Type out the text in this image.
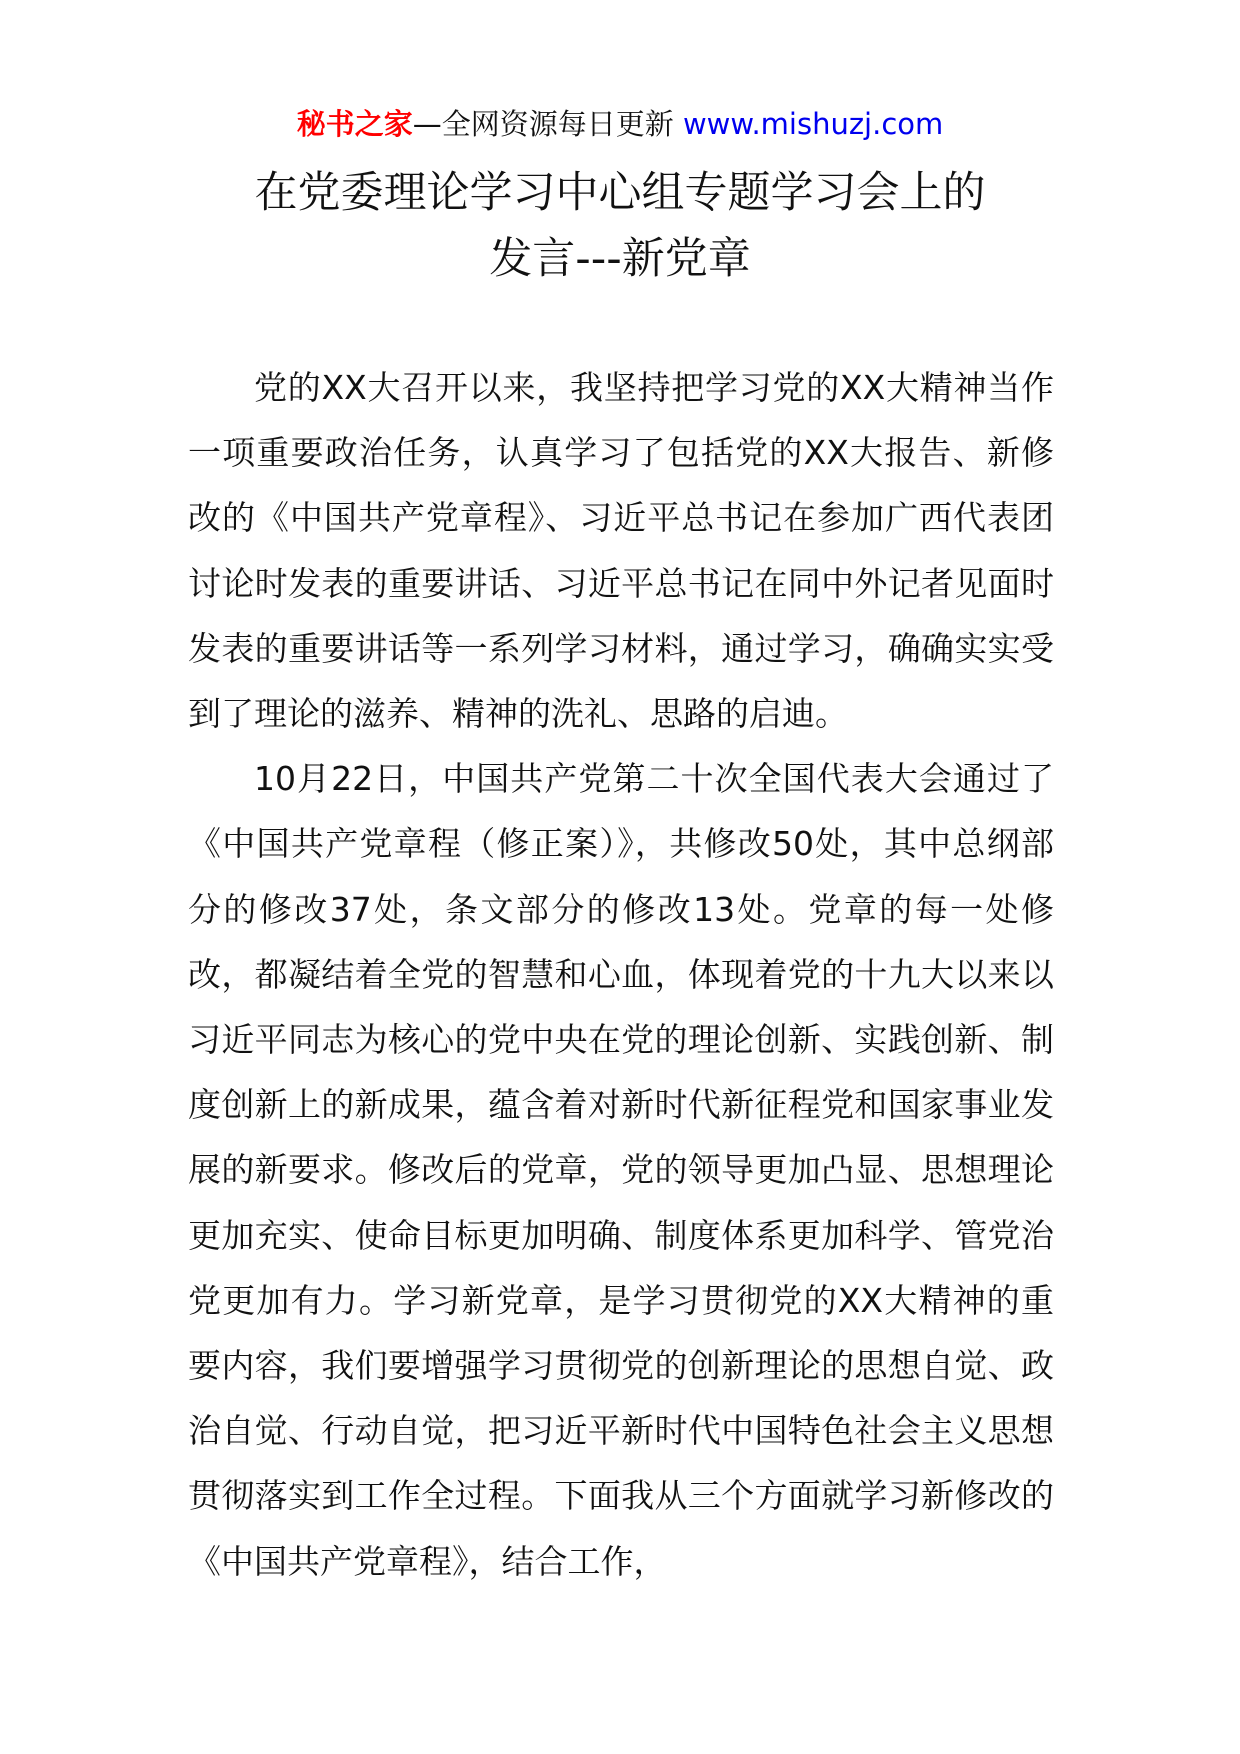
秘书之家—全网资源每日更新 www.mishuzj.com
在党委理论学习中心组专题学习会上的
发言---新党章

党的XX大召开以来，我坚持把学习党的XX大精神当作一项重要政治任务，认真学习了包括党的XX大报告、新修改的《中国共产党章程》、习近平总书记在参加广西代表团讨论时发表的重要讲话、习近平总书记在同中外记者见面时发表的重要讲话等一系列学习材料，通过学习，确确实实受到了理论的滋养、精神的洗礼、思路的启迪。

10月22日，中国共产党第二十次全国代表大会通过了《中国共产党章程（修正案）》，共修改50处，其中总纲部分的修改37处，条文部分的修改13处。党章的每一处修改，都凝结着全党的智慧和心血，体现着党的十九大以来以习近平同志为核心的党中央在党的理论创新、实践创新、制度创新上的新成果，蕴含着对新时代新征程党和国家事业发展的新要求。修改后的党章，党的领导更加凸显、思想理论更加充实、使命目标更加明确、制度体系更加科学、管党治党更加有力。学习新党章，是学习贯彻党的XX大精神的重要内容，我们要增强学习贯彻党的创新理论的思想自觉、政治自觉、行动自觉，把习近平新时代中国特色社会主义思想贯彻落实到工作全过程。下面我从三个方面就学习新修改的《中国共产党章程》，结合工作，
